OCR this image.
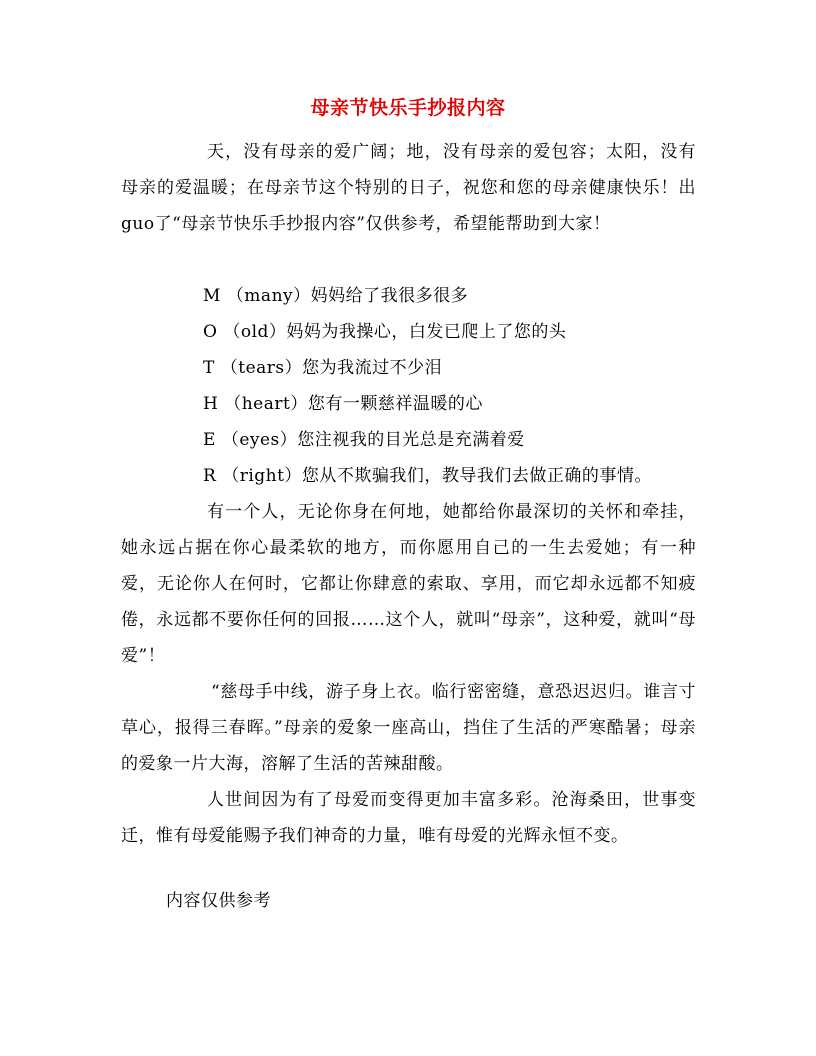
母亲节快乐手抄报内容

天，没有母亲的爱广阔；地，没有母亲的爱包容；太阳，没有母亲的爱温暖；在母亲节这个特别的日子，祝您和您的母亲健康快乐！出guo了“母亲节快乐手抄报内容”仅供参考，希望能帮助到大家！

M （many）妈妈给了我很多很多

O （old）妈妈为我操心，白发已爬上了您的头

T （tears）您为我流过不少泪

H （heart）您有一颗慈祥温暖的心

E （eyes）您注视我的目光总是充满着爱

R （right）您从不欺骗我们，教导我们去做正确的事情。

有一个人，无论你身在何地，她都给你最深切的关怀和牵挂，她永远占据在你心最柔软的地方，而你愿用自己的一生去爱她；有一种爱，无论你人在何时，它都让你肆意的索取、享用，而它却永远都不知疲倦，永远都不要你任何的回报……这个人，就叫“母亲”，这种爱，就叫“母爱”！

“慈母手中线，游子身上衣。临行密密缝，意恐迟迟归。谁言寸草心，报得三春晖。”母亲的爱象一座高山，挡住了生活的严寒酷暑；母亲的爱象一片大海，溶解了生活的苦辣甜酸。

人世间因为有了母爱而变得更加丰富多彩。沧海桑田，世事变迁，惟有母爱能赐予我们神奇的力量，唯有母爱的光辉永恒不变。

内容仅供参考
